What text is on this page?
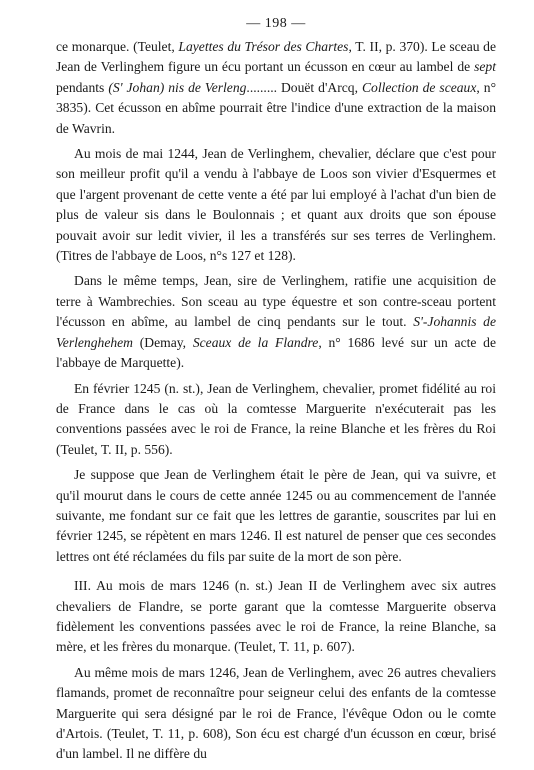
— 198 —

ce monarque. (Teulet, Layettes du Trésor des Chartes, T. II, p. 370). Le sceau de Jean de Verlinghem figure un écu portant un écusson en cœur au lambel de sept pendants (S' Johan) nis de Verleng......... Douët d'Arcq, Collection de sceaux, n° 3835). Cet écusson en abîme pourrait être l'indice d'une extraction de la maison de Wavrin.

Au mois de mai 1244, Jean de Verlinghem, chevalier, déclare que c'est pour son meilleur profit qu'il a vendu à l'abbaye de Loos son vivier d'Esquermes et que l'argent provenant de cette vente a été par lui employé à l'achat d'un bien de plus de valeur sis dans le Boulonnais ; et quant aux droits que son épouse pouvait avoir sur ledit vivier, il les a transférés sur ses terres de Verlinghem. (Titres de l'abbaye de Loos, n°s 127 et 128).

Dans le même temps, Jean, sire de Verlinghem, ratifie une acquisition de terre à Wambrechies. Son sceau au type équestre et son contre-sceau portent l'écusson en abîme, au lambel de cinq pendants sur le tout. S'-Johannis de Verlenghehem (Demay, Sceaux de la Flandre, n° 1686 levé sur un acte de l'abbaye de Marquette).

En février 1245 (n. st.), Jean de Verlinghem, chevalier, promet fidélité au roi de France dans le cas où la comtesse Marguerite n'exécuterait pas les conventions passées avec le roi de France, la reine Blanche et les frères du Roi (Teulet, T. II, p. 556).

Je suppose que Jean de Verlinghem était le père de Jean, qui va suivre, et qu'il mourut dans le cours de cette année 1245 ou au commencement de l'année suivante, me fondant sur ce fait que les lettres de garantie, souscrites par lui en février 1245, se répètent en mars 1246. Il est naturel de penser que ces secondes lettres ont été réclamées du fils par suite de la mort de son père.

III. Au mois de mars 1246 (n. st.) Jean II de Verlinghem avec six autres chevaliers de Flandre, se porte garant que la comtesse Marguerite observa fidèlement les conventions passées avec le roi de France, la reine Blanche, sa mère, et les frères du monarque. (Teulet, T. 11, p. 607).

Au même mois de mars 1246, Jean de Verlinghem, avec 26 autres chevaliers flamands, promet de reconnaître pour seigneur celui des enfants de la comtesse Marguerite qui sera désigné par le roi de France, l'évêque Odon ou le comte d'Artois. (Teulet, T. 11, p. 608), Son écu est chargé d'un écusson en cœur, brisé d'un lambel. Il ne diffère du
